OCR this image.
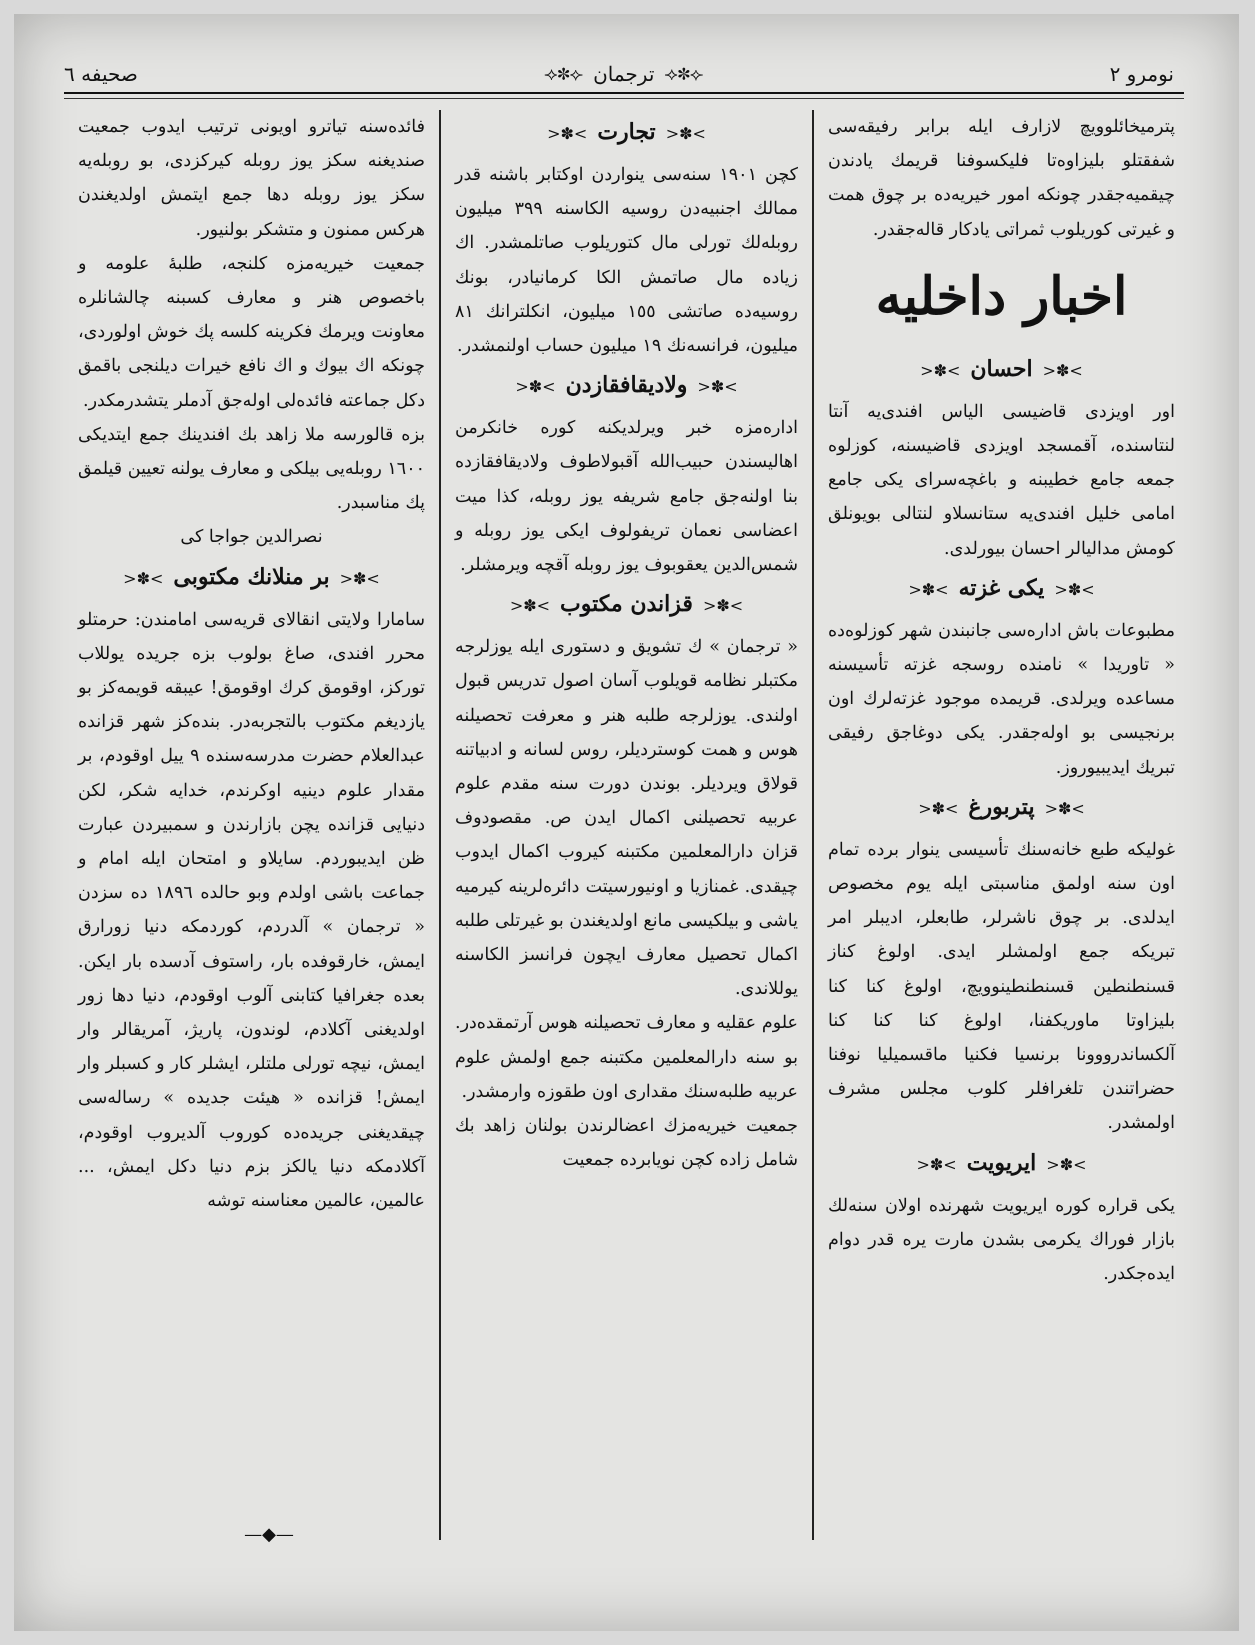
نومرو ٢
⟢✽⟣
ترجمان
⟢✽⟣
صحیفه ٦

پترمیخائلوویچ لازارف ایله برابر رفیقه‌سی شفقتلو بلیزاوه‌تا فلیکسوفنا قریمك یادندن چیقمیه‌جقدر چونکه امور خیریه‌ده بر چوق همت و غیرتی کوریلوب ثمراتی یادکار قاله‌جقدر.

اخبار داخلیه
>✽<احسان>✽<

اور اویزدی قاضیسی الیاس افندی‌یه آنتا لنتاسنده، آقمسجد اویزدی قاضیسنه، کوزلوه جمعه جامع خطیبنه و باغچه‌سرای یکی جامع امامی خلیل افندی‌یه ستانسلاو لنتالی بویونلق کومش مدالیالر احسان بیورلدی.

>✽<یکی غزته>✽<

مطبوعات باش اداره‌سی جانبندن شهر کوزلوه‌ده « تاوریدا » نامنده روسجه غزته تأسیسنه مساعده ویرلدی. قریمده موجود غزته‌لرك اون برنجیسی بو اوله‌جقدر. یکی دوغاجق رفیقی تبریك ایدیبیوروز.

>✽<پتربورغ>✽<

غولیکه طبع خانه‌سنك تأسیسی ینوار برده تمام اون سنه اولمق مناسبتی ایله یوم مخصوص ایدلدی. بر چوق ناشرلر، طابعلر، ادیبلر امر تبریکه جمع اولمشلر ایدی. اولوغ کناز قسنطنطین قسنطنطینوویچ، اولوغ کنا کنا بلیزاوتا ماوریکفنا، اولوغ کنا کنا کنا آلکساندرووونا برنسیا فکنیا ماقسمیلیا نوفنا حضراتندن تلغرافلر کلوب مجلس مشرف اولمشدر.

>✽<ایریویت>✽<

یکی قراره کوره ایریویت شهرنده اولان سنه‌لك بازار فوراك یکرمی بشدن مارت یره قدر دوام ایده‌جکدر.

>✽<تجارت>✽<

کچن ١٩٠١ سنه‌سی ینواردن اوکتابر باشنه قدر ممالك اجنبیه‌دن روسیه الکاسنه ٣٩٩ میلیون روبله‌لك تورلی مال کتوریلوب صاتلمشدر. اك زیاده مال صاتمش الکا کرمانیادر، بونك روسیه‌ده صاتشی ١٥٥ میلیون، انکلترانك ٨١ میلیون، فرانسه‌نك ١٩ میلیون حساب اولنمشدر.

>✽<ولادیقافقازدن>✽<

اداره‌مزه خبر ویرلدیکنه کوره خانکرمن اهالیسندن حبیب‌الله آقبولاطوف ولادیقافقازده بنا اولنه‌جق جامع شریفه یوز روبله، کذا میت اعضاسی نعمان تریفولوف ایکی یوز روبله و شمس‌الدین یعقوبوف یوز روبله آقچه ویرمشلر.

>✽<قزاندن مکتوب>✽<

« ترجمان » ك تشویق و دستوری ایله یوزلرجه مکتبلر نظامه قویلوب آسان اصول تدریس قبول اولندی. یوزلرجه طلبه هنر و معرفت تحصیلنه هوس و همت کوستردیلر، روس لسانه و ادبیاتنه قولاق ویردیلر. بوندن دورت سنه مقدم علوم عربیه تحصیلنی اکمال ایدن ص. مقصودوف قزان دارالمعلمین مکتبنه کیروب اکمال ایدوب چیقدی. غمنازیا و اونیورسیتت دائره‌لرینه کیرمیه یاشی و بیلکیسی مانع اولدیغندن بو غیرتلی طلبه اکمال تحصیل معارف ایچون فرانسز الکاسنه یوللاندی.

علوم عقلیه و معارف تحصیلنه هوس آرتمقده‌در. بو سنه دارالمعلمین مکتبنه جمع اولمش علوم عربیه طلبه‌سنك مقداری اون طقوزه وارمشدر.

جمعیت خیریه‌مزك اعضالرندن بولنان زاهد بك شامل زاده کچن نویابرده جمعیت

فائده‌سنه تیاترو اویونی ترتیب ایدوب جمعیت صندیغنه سکز یوز روبله کیرکزدی، بو روبله‌یه سکز یوز روبله دها جمع ایتمش اولدیغندن هرکس ممنون و متشکر بولنیور.

جمعیت خیریه‌مزه کلنجه، طلبهٔ علومه و باخصوص هنر و معارف کسبنه چالشانلره معاونت ویرمك فکرینه کلسه پك خوش اولوردی، چونکه اك بیوك و اك نافع خیرات دیلنجی باقمق دکل جماعته فائده‌لی اوله‌جق آدملر یتشدرمکدر.

بزه قالورسه ملا زاهد بك افندینك جمع ایتدیکی ١٦٠٠ روبله‌یی بیلکی و معارف یولنه تعیین قیلمق پك مناسبدر.

نصرالدین جواجا کی

>✽<بر منلانك مکتوبی>✽<

سامارا ولایتی انقالای قریه‌سی امامندن: حرمتلو محرر افندی، صاغ بولوب بزه جریده یوللاب تورکز، اوقومق کرك اوقومق! عیبقه قویمه‌کز بو یازدیغم مکتوب بالتجربه‌در. بنده‌کز شهر قزانده عبدالعلام حضرت مدرسه‌سنده ٩ ییل اوقودم، بر مقدار علوم دینیه اوکرندم، خدایه شکر، لکن دنیایی قزانده یچن بازارندن و سمبیردن عبارت ظن ایدیبوردم. سایلاو و امتحان ایله امام و جماعت باشی اولدم وبو حالده ١٨٩٦ ده سزدن « ترجمان » آلدردم، کوردمکه دنیا زورارق ایمش، خارقوفده بار، راستوف آدسده بار ایکن. بعده جغرافیا کتابنی آلوب اوقودم، دنیا دها زور اولدیغنی آکلادم، لوندون، پاریژ، آمریقالر وار ایمش، نیچه تورلی ملتلر، ایشلر کار و کسبلر وار ایمش! قزانده « هیئت جدیده » رساله‌سی چیقدیغنی جریده‌ده کوروب آلدیروب اوقودم، آکلادمکه دنیا یالکز بزم دنیا دکل ایمش، ... عالمین، عالمین معناسنه توشه

—◆—
